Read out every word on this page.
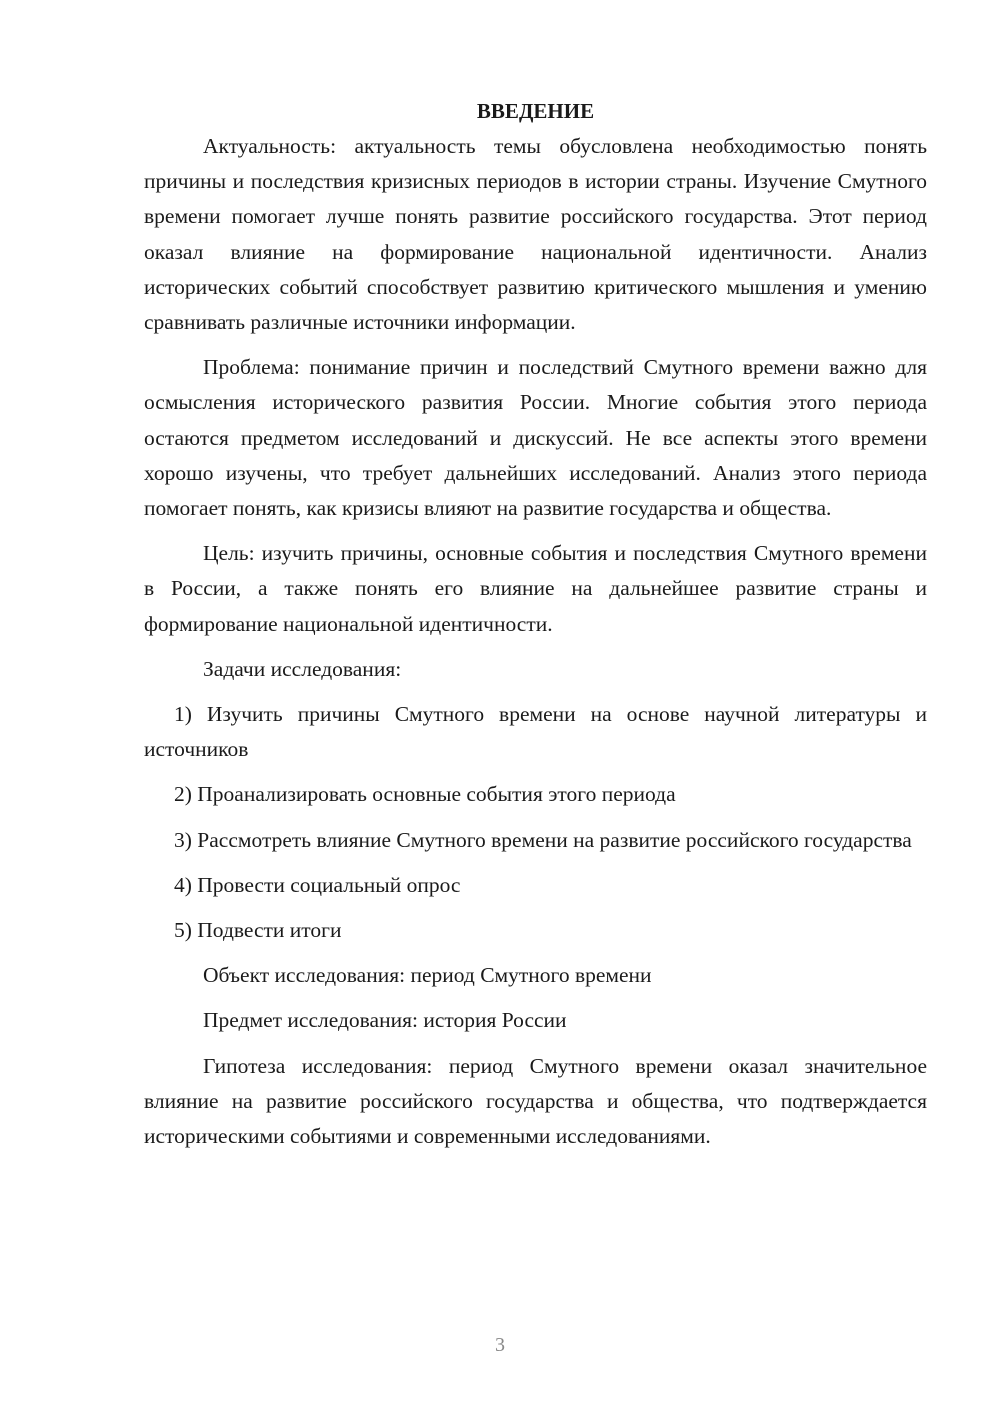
ВВЕДЕНИЕ

Актуальность: актуальность темы обусловлена необходимостью понять причины и последствия кризисных периодов в истории страны. Изучение Смутного времени помогает лучше понять развитие российского государства. Этот период оказал влияние на формирование национальной идентичности. Анализ исторических событий способствует развитию критического мышления и умению сравнивать различные источники информации.

Проблема: понимание причин и последствий Смутного времени важно для осмысления исторического развития России. Многие события этого периода остаются предметом исследований и дискуссий. Не все аспекты этого времени хорошо изучены, что требует дальнейших исследований. Анализ этого периода помогает понять, как кризисы влияют на развитие государства и общества.

Цель: изучить причины, основные события и последствия Смутного времени в России, а также понять его влияние на дальнейшее развитие страны и формирование национальной идентичности.

Задачи исследования:

1) Изучить причины Смутного времени на основе научной литературы и источников

2) Проанализировать основные события этого периода

3) Рассмотреть влияние Смутного времени на развитие российского государства

4) Провести социальный опрос

5) Подвести итоги

Объект исследования: период Смутного времени

Предмет исследования: история России

Гипотеза исследования: период Смутного времени оказал значительное влияние на развитие российского государства и общества, что подтверждается историческими событиями и современными исследованиями.

3
